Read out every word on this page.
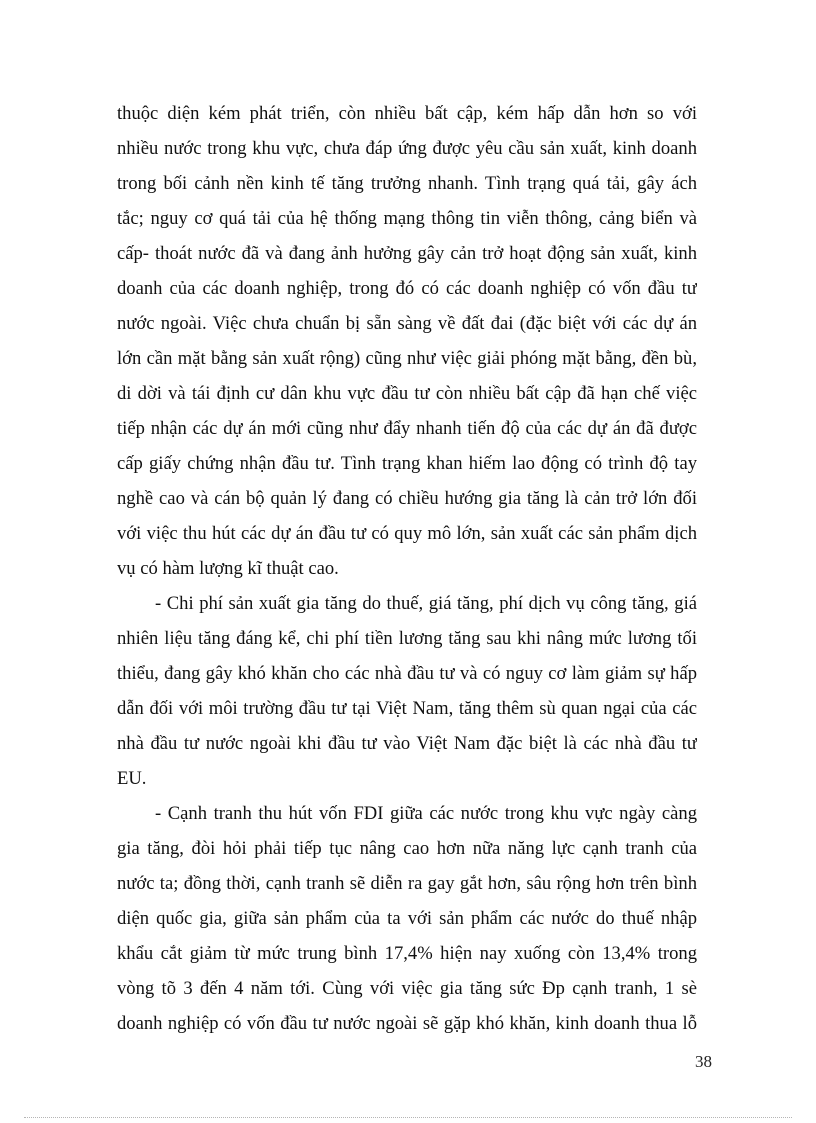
thuộc diện kém phát triển, còn nhiều bất cập, kém hấp dẫn hơn so với
nhiều nước trong khu vực, chưa đáp ứng được yêu cầu sản xuất, kinh doanh
trong bối cảnh nền kinh tế tăng trưởng nhanh. Tình trạng quá tải, gây ách
tắc; nguy cơ quá tải của hệ thống mạng thông tin viễn thông, cảng biển và
cấp- thoát nước đã và đang ảnh hưởng gây cản trở hoạt động sản xuất, kinh
doanh của các doanh nghiệp, trong đó có các doanh nghiệp có vốn đầu tư
nước ngoài. Việc chưa chuẩn bị sẵn sàng về đất đai (đặc biệt với các dự án
lớn cần mặt bằng sản xuất rộng) cũng như việc giải phóng mặt bằng, đền bù,
di dời và tái định cư dân khu vực đầu tư còn nhiều bất cập đã hạn chế việc
tiếp nhận các dự án mới cũng như đẩy nhanh tiến độ của các dự án đã được
cấp giấy chứng nhận đầu tư. Tình trạng khan hiếm lao động có trình độ tay
nghề cao và cán bộ quản lý đang có chiều hướng gia tăng là cản trở lớn đối
với việc thu hút các dự án đầu tư có quy mô lớn, sản xuất các sản phẩm dịch
vụ có hàm lượng kĩ thuật cao.
- Chi phí sản xuất gia tăng do thuế, giá tăng, phí dịch vụ công tăng, giá
nhiên liệu tăng đáng kể, chi phí tiền lương tăng sau khi nâng mức lương tối
thiểu, đang gây khó khăn cho các nhà đầu tư và có nguy cơ làm giảm sự hấp
dẫn đối với môi trường đầu tư tại Việt Nam, tăng thêm sù quan ngại của các
nhà đầu tư nước ngoài khi đầu tư vào Việt Nam đặc biệt là các nhà đầu tư
EU.
- Cạnh tranh thu hút vốn FDI giữa các nước trong khu vực ngày càng
gia tăng, đòi hỏi phải tiếp tục nâng cao hơn nữa năng lực cạnh tranh của
nước ta; đồng thời, cạnh tranh sẽ diễn ra gay gắt hơn, sâu rộng hơn trên bình
diện quốc gia, giữa sản phẩm của ta với sản phẩm các nước do thuế nhập
khẩu cắt giảm từ mức trung bình 17,4% hiện nay xuống còn 13,4% trong
vòng tõ 3 đến 4 năm tới. Cùng với việc gia tăng sức Ðp cạnh tranh, 1 sè
doanh nghiệp có vốn đầu tư nước ngoài sẽ gặp khó khăn, kinh doanh thua lỗ
38
